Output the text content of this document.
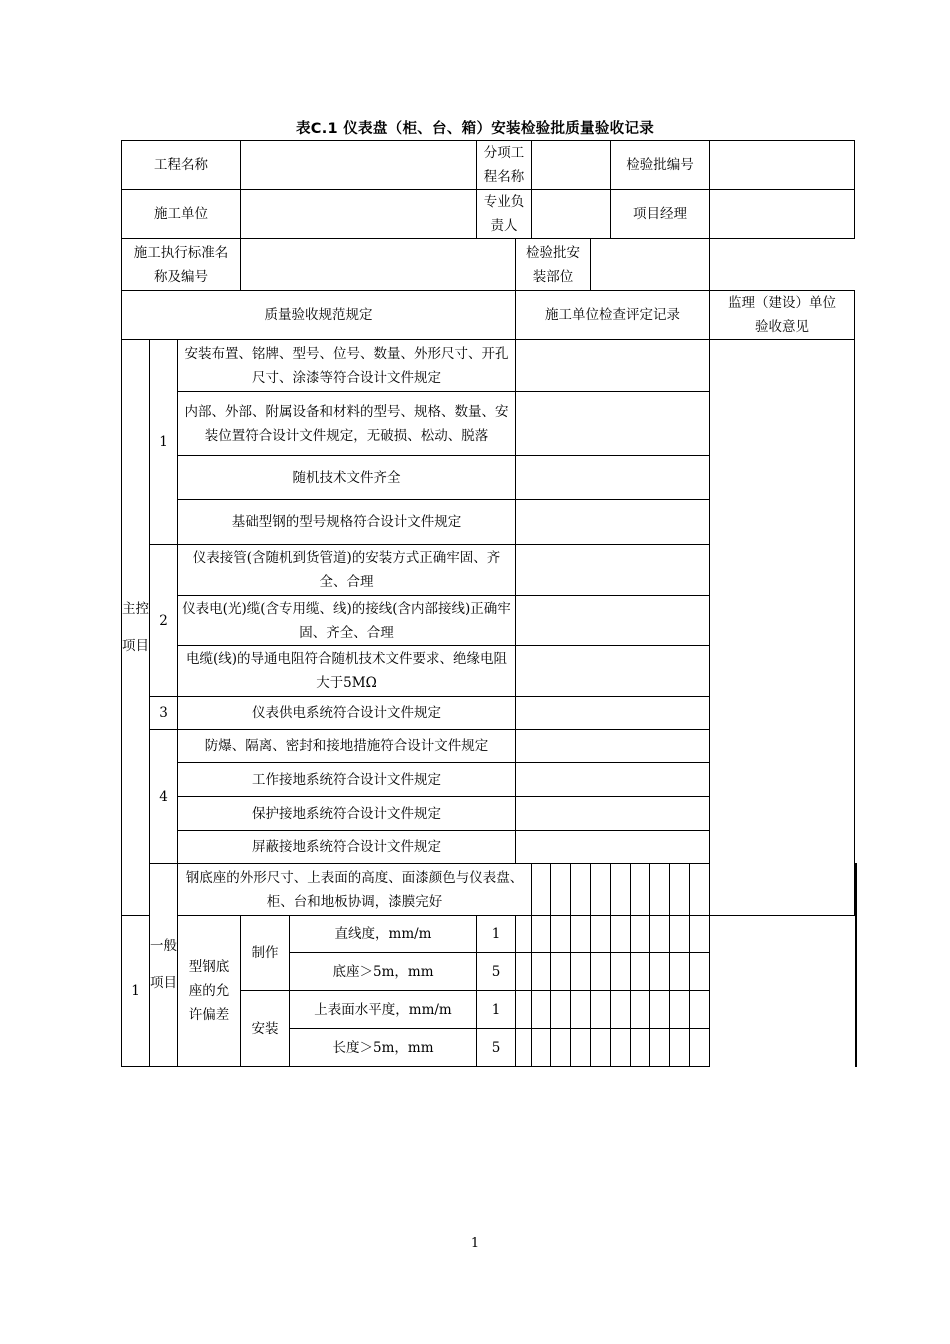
表C.1 仪表盘（柜、台、箱）安装检验批质量验收记录
工程名称					分项工程名称						检验批编号						
施工单位					专业负责人						项目经理						
施工执行标准名称及编号						检验批安装部位											
质量验收规范规定						施工单位检查评定记录										监理（建设）单位验收意见	
主控项目	1	安装布置、铭牌、型号、位号、数量、外形尺寸、开孔尺寸、涂漆等符合设计文件规定															
		内部、外部、附属设备和材料的型号、规格、数量、安装位置符合设计文件规定，无破损、松动、脱落															
		随机技术文件齐全															
		基础型钢的型号规格符合设计文件规定															
	2	仪表接管(含随机到货管道)的安装方式正确牢固、齐全、合理															
		仪表电(光)缆(含专用缆、线)的接线(含内部接线)正确牢固、齐全、合理															
		电缆(线)的导通电阻符合随机技术文件要求、绝缘电阻大于5MΩ															
	3	仪表供电系统符合设计文件规定															
	4	防爆、隔离、密封和接地措施符合设计文件规定															
		工作接地系统符合设计文件规定															
		保护接地系统符合设计文件规定															
		屏蔽接地系统符合设计文件规定															
	一般项目	钢底座的外形尺寸、上表面的高度、面漆颜色与仪表盘、柜、台和地板协调，漆膜完好															
1		型钢底座的允许偏差	制作	直线度，mm/m	1												
				底座＞5m，mm	5												
			安装	上表面水平度，mm/m	1												
				长度＞5m，mm	5												
1
